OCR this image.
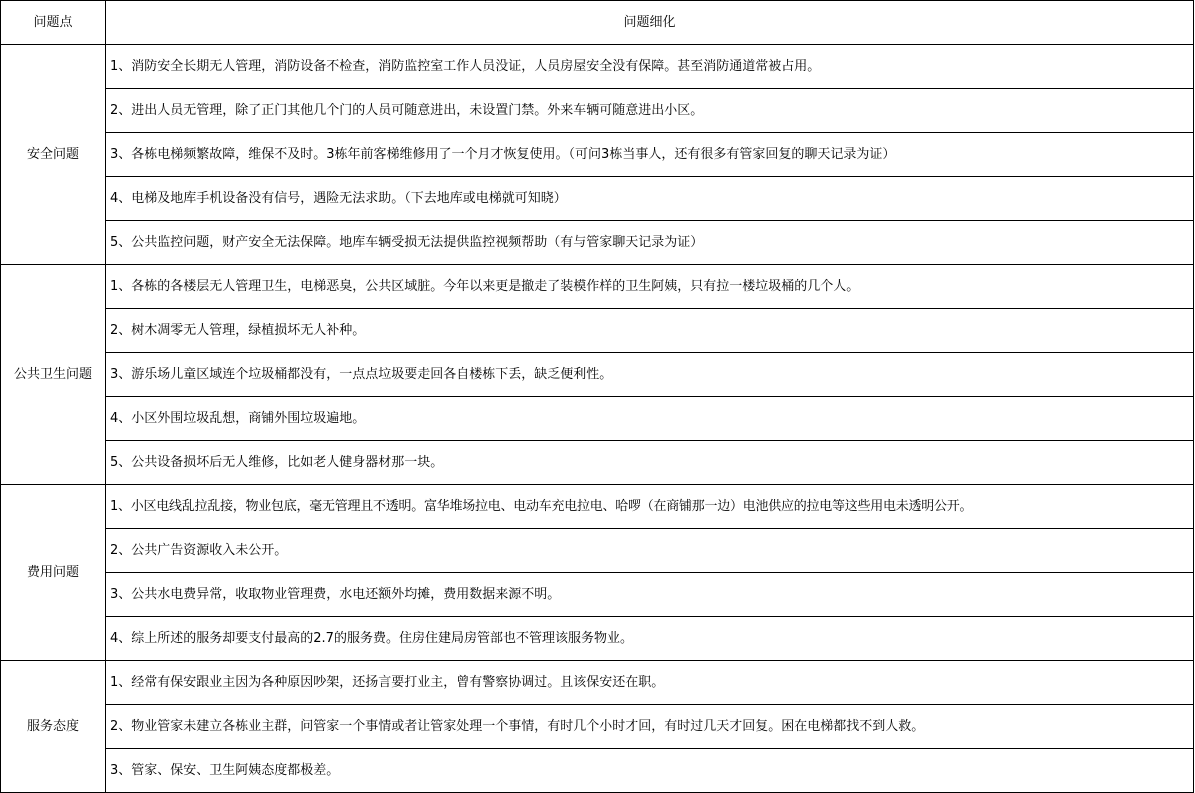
问题点	问题细化
安全问题	1、消防安全长期无人管理，消防设备不检查，消防监控室工作人员没证，人员房屋安全没有保障。甚至消防通道常被占用。
	2、进出人员无管理，除了正门其他几个门的人员可随意进出，未设置门禁。外来车辆可随意进出小区。
	3、各栋电梯频繁故障，维保不及时。3栋年前客梯维修用了一个月才恢复使用。（可问3栋当事人，还有很多有管家回复的聊天记录为证）
	4、电梯及地库手机设备没有信号，遇险无法求助。（下去地库或电梯就可知晓）
	5、公共监控问题，财产安全无法保障。地库车辆受损无法提供监控视频帮助（有与管家聊天记录为证）
公共卫生问题	1、各栋的各楼层无人管理卫生，电梯恶臭，公共区域脏。今年以来更是撤走了装模作样的卫生阿姨，只有拉一楼垃圾桶的几个人。
	2、树木凋零无人管理，绿植损坏无人补种。
	3、游乐场儿童区域连个垃圾桶都没有，一点点垃圾要走回各自楼栋下丢，缺乏便利性。
	4、小区外围垃圾乱想，商铺外围垃圾遍地。
	5、公共设备损坏后无人维修，比如老人健身器材那一块。
费用问题	1、小区电线乱拉乱接，物业包底，毫无管理且不透明。富华堆场拉电、电动车充电拉电、哈啰（在商铺那一边）电池供应的拉电等这些用电未透明公开。
	2、公共广告资源收入未公开。
	3、公共水电费异常，收取物业管理费，水电还额外均摊，费用数据来源不明。
	4、综上所述的服务却要支付最高的2.7的服务费。住房住建局房管部也不管理该服务物业。
服务态度	1、经常有保安跟业主因为各种原因吵架，还扬言要打业主，曾有警察协调过。且该保安还在职。
	2、物业管家未建立各栋业主群，问管家一个事情或者让管家处理一个事情，有时几个小时才回，有时过几天才回复。困在电梯都找不到人救。
	3、管家、保安、卫生阿姨态度都极差。
